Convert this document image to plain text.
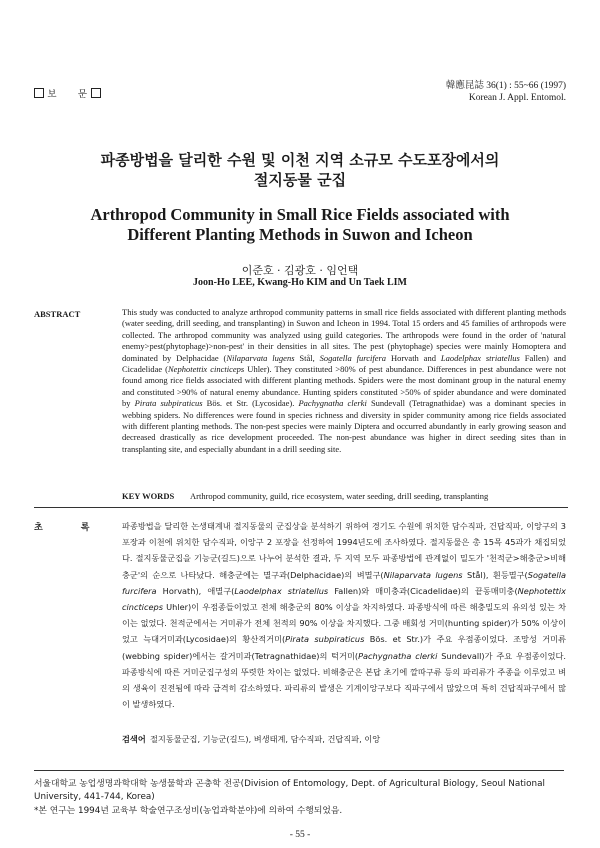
보 문
韓應昆誌 36(1) : 55~66 (1997)
Korean J. Appl. Entomol.
파종방법을 달리한 수원 및 이천 지역 소규모 수도포장에서의
절지동물 군집
Arthropod Community in Small Rice Fields associated with
Different Planting Methods in Suwon and Icheon
이준호 · 김광호 · 임언택
Joon-Ho LEE, Kwang-Ho KIM and Un Taek LIM
ABSTRACT	This study was conducted to analyze arthropod community patterns in small rice fields associated with different planting methods (water seeding, drill seeding, and transplanting) in Suwon and Icheon in 1994. Total 15 orders and 45 families of arthropods were collected. The arthropod community was analyzed using guild categories. The arthropods were found in the order of 'natural enemy>pest(phytophage)>non-pest' in their densities in all sites. The pest (phytophage) species were mainly Homoptera and dominated by Delphacidae (Nilaparvata lugens Stål, Sogatella furcifera Horvath and Laodelphax striatellus Fallen) and Cicadelidae (Nephotettix cincticeps Uhler). They constituted >80% of pest abundance. Differences in pest abundance were not found among rice fields associated with different planting methods. Spiders were the most dominant group in the natural enemy and constituted >90% of natural enemy abundance. Hunting spiders constituted >50% of spider abundance and were dominated by Pirata subpiraticus Bös. et Str. (Lycosidae). Pachygnatha clerki Sundevall (Tetragnathidae) was a dominant species in webbing spiders. No differences were found in species richness and diversity in spider community among rice fields associated with different planting methods. The non-pest species were mainly Diptera and occurred abundantly in early growing season and decreased drastically as rice development proceeded. The non-pest abundance was higher in direct seeding sites than in transplanting site, and especially abundant in a drill seeding site.
KEY WORDS Arthropod community, guild, rice ecosystem, water seeding, drill seeding, transplanting
초록
파종방법을 달리한 논생태계내 절지동물의 군집상을 분석하기 위하여 경기도 수원에 위치한 담수직파, 건답직파, 이앙구의 3 포장과 이천에 위치한 담수직파, 이앙구 2 포장을 선정하여 1994년도에 조사하였다. 절지동물은 총 15목 45과가 채집되었다. 절지동물군집을 기능군(길드)으로 나누어 분석한 결과, 두 지역 모두 파종방법에 관계없이 밀도가 '천적군>해충군>비해충군'의 순으로 나타났다. 해충군에는 멸구과(Delphacidae)의 벼멸구(Nilaparvata lugens Stål), 흰등멸구(Sogatella furcifera Horvath), 애멸구(Laodelphax striatellus Fallen)와 매미충과(Cicadelidae)의 끝동매미충(Nephotettix cincticeps Uhler)이 우점종들이었고 전체 해충군의 80% 이상을 차지하였다. 파종방식에 따른 해충밀도의 유의성 있는 차이는 없었다. 천적군에서는 거미류가 전체 천적의 90% 이상을 차지했다. 그중 배회성 거미(hunting spider)가 50% 이상이었고 늑대거미과(Lycosidae)의 황산적거미(Pirata subpiraticus Bös. et Str.)가 주요 우점종이었다. 조망성 거미류(webbing spider)에서는 갈거미과(Tetragnathidae)의 턱거미(Pachygnatha clerki Sundevall)가 주요 우점종이었다. 파종방식에 따른 거미군집구성의 뚜렷한 차이는 없었다. 비해충군은 본답 초기에 깔따구류 등의 파리류가 주종을 이루었고 벼의 생육이 진전됨에 따라 급격히 감소하였다. 파리류의 발생은 기계이앙구보다 직파구에서 많았으며 특히 건답직파구에서 많이 발생하였다.
검색어 절지동물군집, 기능군(길드), 벼생태계, 담수직파, 건답직파, 이앙
서울대학교 농업생명과학대학 농생물학과 곤충학 전공(Division of Entomology, Dept. of Agricultural Biology, Seoul National University, 441-744, Korea)
*본 연구는 1994년 교육부 학술연구조성비(농업과학분야)에 의하여 수행되었음.
- 55 -
